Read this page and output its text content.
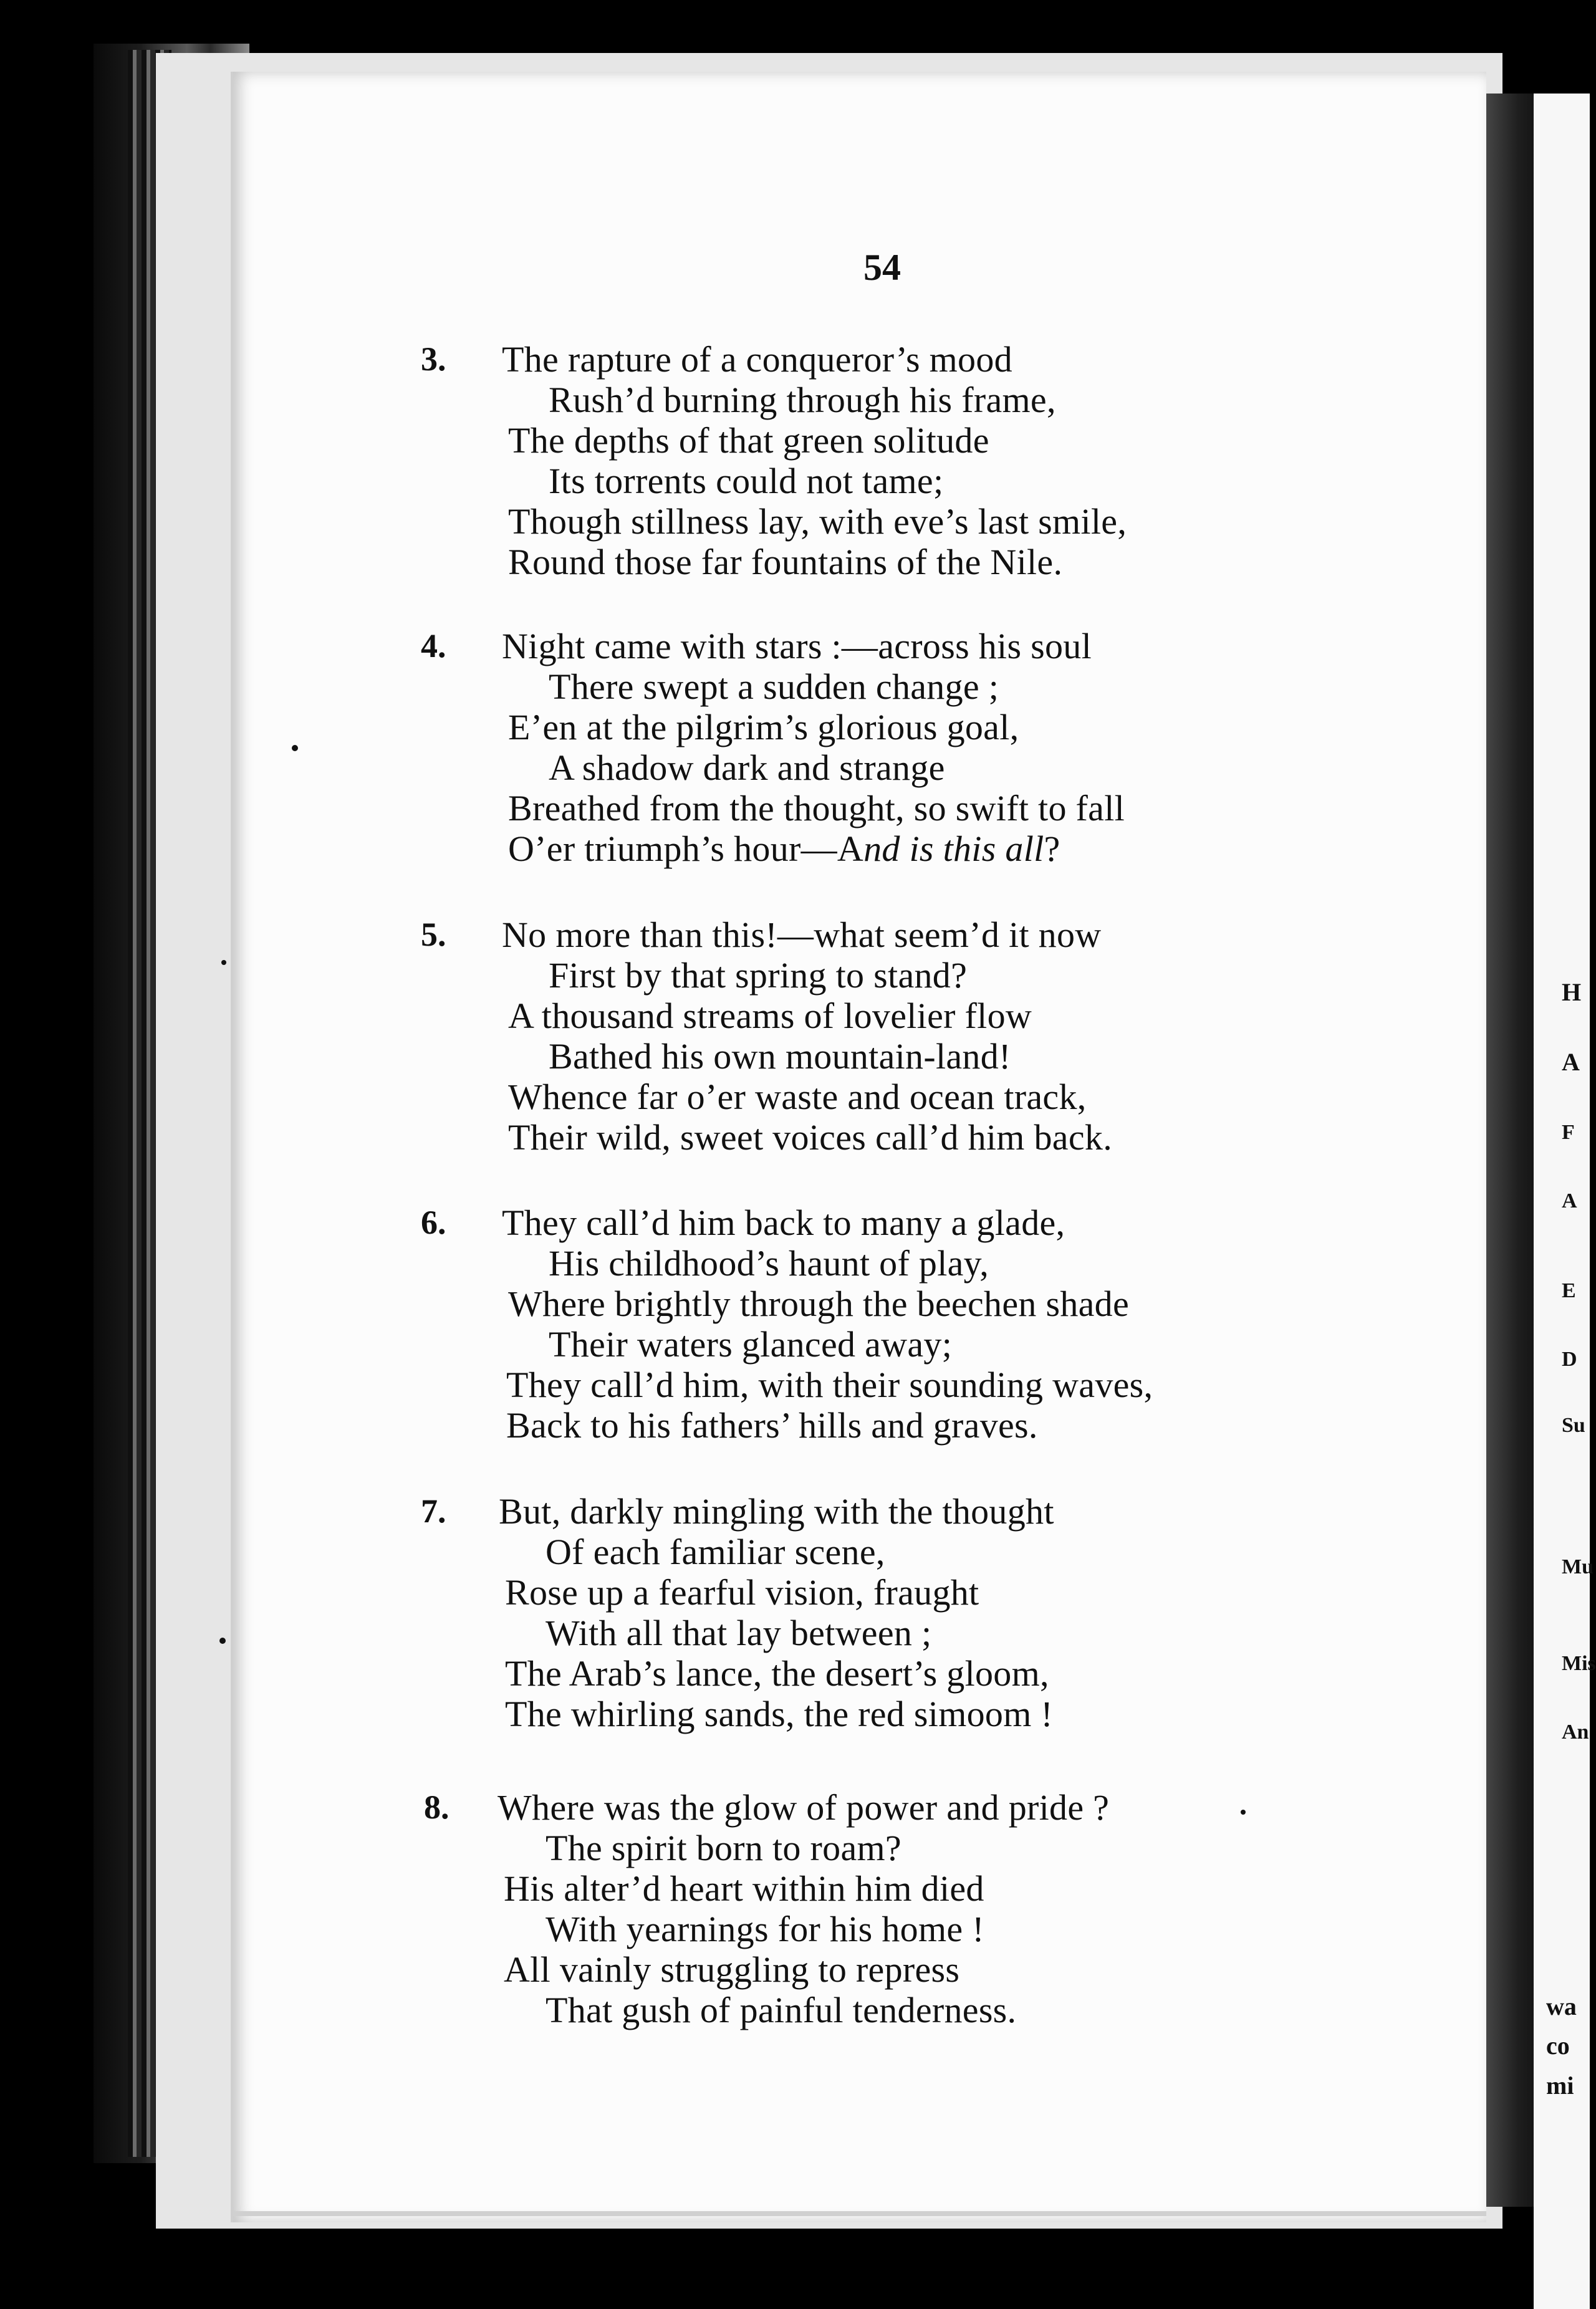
H
A
F
A
E
D
Su
Mu
Mis
An
wa
co
mi
54
3. The rapture of a conqueror’s mood
Rush’d burning through his frame,
The depths of that green solitude
Its torrents could not tame;
Though stillness lay, with eve’s last smile,
Round those far fountains of the Nile.
4. Night came with stars :—across his soul
There swept a sudden change ;
E’en at the pilgrim’s glorious goal,
A shadow dark and strange
Breathed from the thought, so swift to fall
O’er triumph’s hour—And is this all?
5. No more than this!—what seem’d it now
First by that spring to stand?
A thousand streams of lovelier flow
Bathed his own mountain-land!
Whence far o’er waste and ocean track,
Their wild, sweet voices call’d him back.
6. They call’d him back to many a glade,
His childhood’s haunt of play,
Where brightly through the beechen shade
Their waters glanced away;
They call’d him, with their sounding waves,
Back to his fathers’ hills and graves.
7. But, darkly mingling with the thought
Of each familiar scene,
Rose up a fearful vision, fraught
With all that lay between ;
The Arab’s lance, the desert’s gloom,
The whirling sands, the red simoom !
8. Where was the glow of power and pride ?
The spirit born to roam?
His alter’d heart within him died
With yearnings for his home !
All vainly struggling to repress
That gush of painful tenderness.
